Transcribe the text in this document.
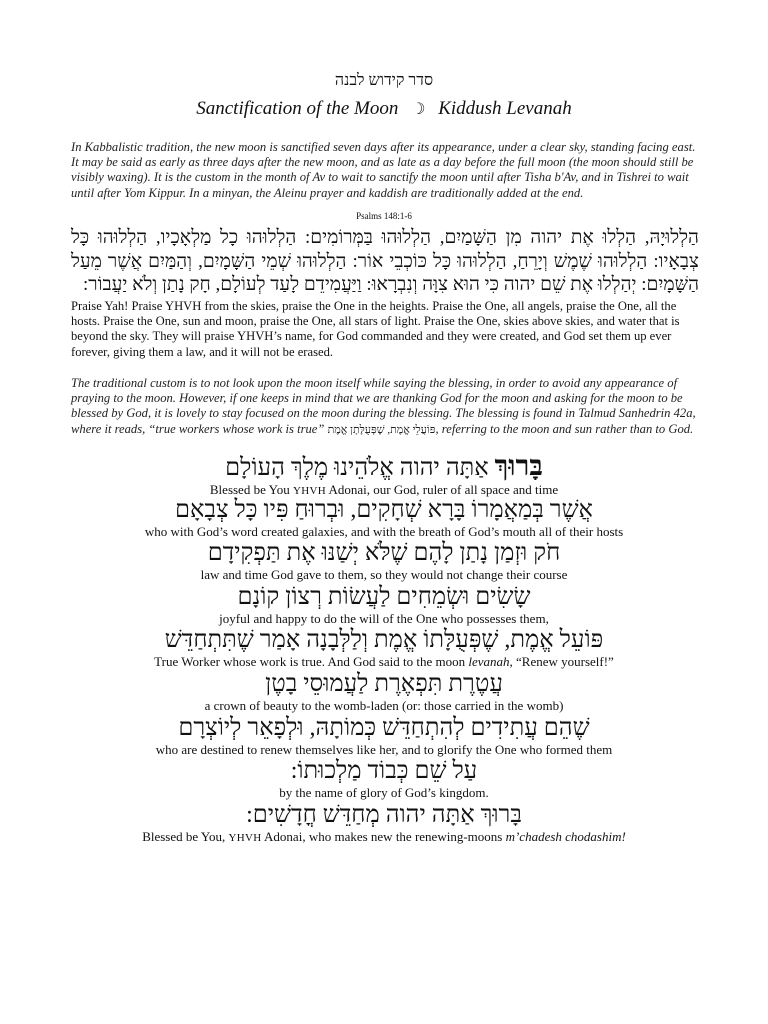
סדר קידוש לבנה
Sanctification of the Moon ☽ Kiddush Levanah
In Kabbalistic tradition, the new moon is sanctified seven days after its appearance, under a clear sky, standing facing east. It may be said as early as three days after the new moon, and as late as a day before the full moon (the moon should still be visibly waxing). It is the custom in the month of Av to wait to sanctify the moon until after Tisha b'Av, and in Tishrei to wait until after Yom Kippur. In a minyan, the Aleinu prayer and kaddish are traditionally added at the end.
Psalms 148:1-6
הַלְלוּיָהּ, הַלְלוּ אֶת יהוה מִן הַשָּׁמַיִם, הַלְלוּהוּ בַּמְּרוֹמִים: הַלְלוּהוּ כָל מַלְאָכָיו, הַלְלוּהוּ כָּל צְבָאָיו: הַלְלוּהוּ שֶׁמֶשׁ וְיָרֵחַ, הַלְלוּהוּ כָּל כּוֹכְבֵי אוֹר: הַלְלוּהוּ שְׁמֵי הַשָּׁמָיִם, וְהַמַּיִם אֲשֶׁר מֵעַל הַשָּׁמָיִם: יְהַלְלוּ אֶת שֵׁם יהוה כִּי הוּא צִוָּה וְנִבְרָאוּ: וַיַּעֲמִידֵם לָעַד לְעוֹלָם, חָק נָתַן וְלֹא יַעֲבוֹר:
Praise Yah! Praise YHVH from the skies, praise the One in the heights. Praise the One, all angels, praise the One, all the hosts. Praise the One, sun and moon, praise the One, all stars of light. Praise the One, skies above skies, and water that is beyond the sky. They will praise YHVH’s name, for God commanded and they were created, and God set them up ever forever, giving them a law, and it will not be erased.
The traditional custom is to not look upon the moon itself while saying the blessing, in order to avoid any appearance of praying to the moon. However, if one keeps in mind that we are thanking God for the moon and asking for the moon to be blessed by God, it is lovely to stay focused on the moon during the blessing. The blessing is found in Talmud Sanhedrin 42a, where it reads, “true workers whose work is true” פּוֹעֲלֵי אֱמֶת, שֶׁפְּעֻלָּתָן אֱמֶת, referring to the moon and sun rather than to God.
בָּרוּךְ אַתָּה יהוה אֱלֹהֵינוּ מֶלֶךְ הָעוֹלָם
Blessed be You YHVH Adonai, our God, ruler of all space and time
אֲשֶׁר בְּמַאֲמָרוֹ בָּרָא שְׁחָקִים, וּבְרוּחַ פִּיו כָּל צְבָאָם
who with God’s word created galaxies, and with the breath of God’s mouth all of their hosts
חֹק וּזְמַן נָתַן לָהֶם שֶׁלֹּא יְשַׁנּוּ אֶת תַּפְקִידָם
law and time God gave to them, so they would not change their course
שָׂשִׂים וּשְׂמֵחִים לַעֲשׂוֹת רְצוֹן קוֹנָם
joyful and happy to do the will of the One who possesses them,
פּוֹעֵל אֱמֶת, שֶׁפְּעֻלָּתוֹ אֱמֶת וְלַלְּבָנָה אָמַר שֶׁתִּתְחַדֵּשׁ
True Worker whose work is true. And God said to the moon levanah, “Renew yourself!”
עֲטֶרֶת תִּפְאֶרֶת לַעֲמוּסֵי בָטֶן
a crown of beauty to the womb-laden (or: those carried in the womb)
שֶׁהֵם עֲתִידִים לְהִתְחַדֵּשׁ כְּמוֹתָהּ, וּלְפָאֵר לְיוֹצְרָם
who are destined to renew themselves like her, and to glorify the One who formed them
עַל שֵׁם כְּבוֹד מַלְכוּתוֹ:
by the name of glory of God’s kingdom.
בָּרוּךְ אַתָּה יהוה מְחַדֵּשׁ חֳדָשִׁים:
Blessed be You, YHVH Adonai, who makes new the renewing-moons m’chadesh chodashim!
